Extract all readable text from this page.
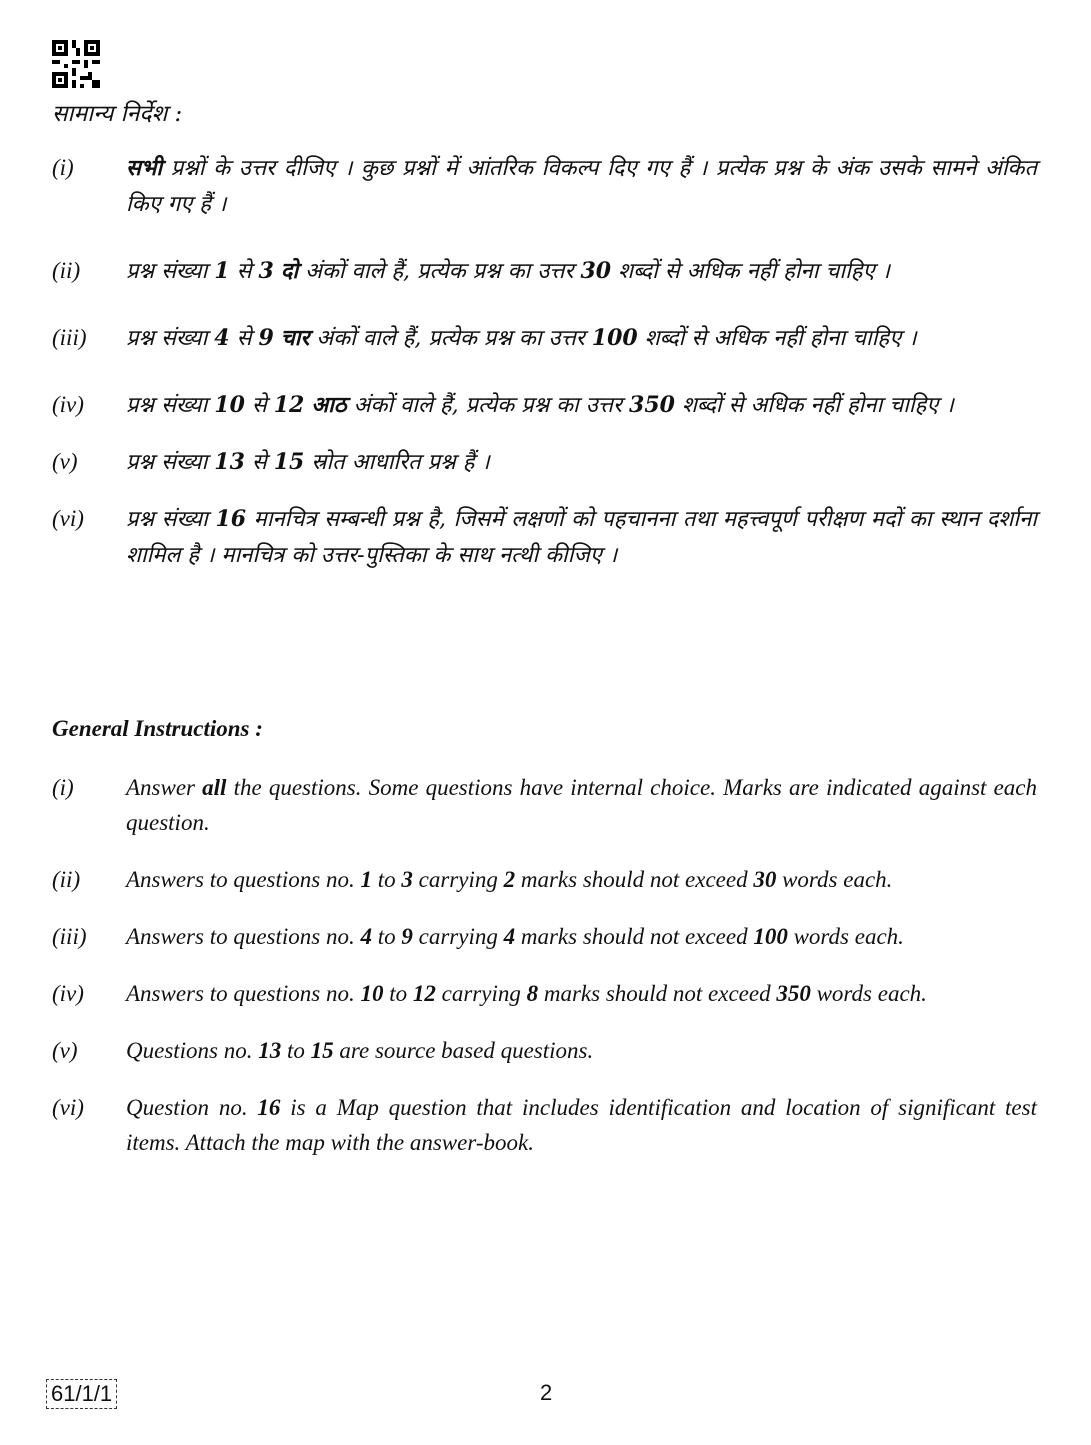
सामान्य निर्देश :
(i) सभी प्रश्नों के उत्तर दीजिए । कुछ प्रश्नों में आंतरिक विकल्प दिए गए हैं । प्रत्येक प्रश्न के अंक उसके सामने अंकित किए गए हैं ।
(ii) प्रश्न संख्या 1 से 3 दो अंकों वाले हैं, प्रत्येक प्रश्न का उत्तर 30 शब्दों से अधिक नहीं होना चाहिए ।
(iii) प्रश्न संख्या 4 से 9 चार अंकों वाले हैं, प्रत्येक प्रश्न का उत्तर 100 शब्दों से अधिक नहीं होना चाहिए ।
(iv) प्रश्न संख्या 10 से 12 आठ अंकों वाले हैं, प्रत्येक प्रश्न का उत्तर 350 शब्दों से अधिक नहीं होना चाहिए ।
(v) प्रश्न संख्या 13 से 15 स्रोत आधारित प्रश्न हैं ।
(vi) प्रश्न संख्या 16 मानचित्र सम्बन्धी प्रश्न है, जिसमें लक्षणों को पहचानना तथा महत्त्वपूर्ण परीक्षण मदों का स्थान दर्शाना शामिल है । मानचित्र को उत्तर-पुस्तिका के साथ नत्थी कीजिए ।
General Instructions :
(i) Answer all the questions. Some questions have internal choice. Marks are indicated against each question.
(ii) Answers to questions no. 1 to 3 carrying 2 marks should not exceed 30 words each.
(iii) Answers to questions no. 4 to 9 carrying 4 marks should not exceed 100 words each.
(iv) Answers to questions no. 10 to 12 carrying 8 marks should not exceed 350 words each.
(v) Questions no. 13 to 15 are source based questions.
(vi) Question no. 16 is a Map question that includes identification and location of significant test items. Attach the map with the answer-book.
61/1/1	2
